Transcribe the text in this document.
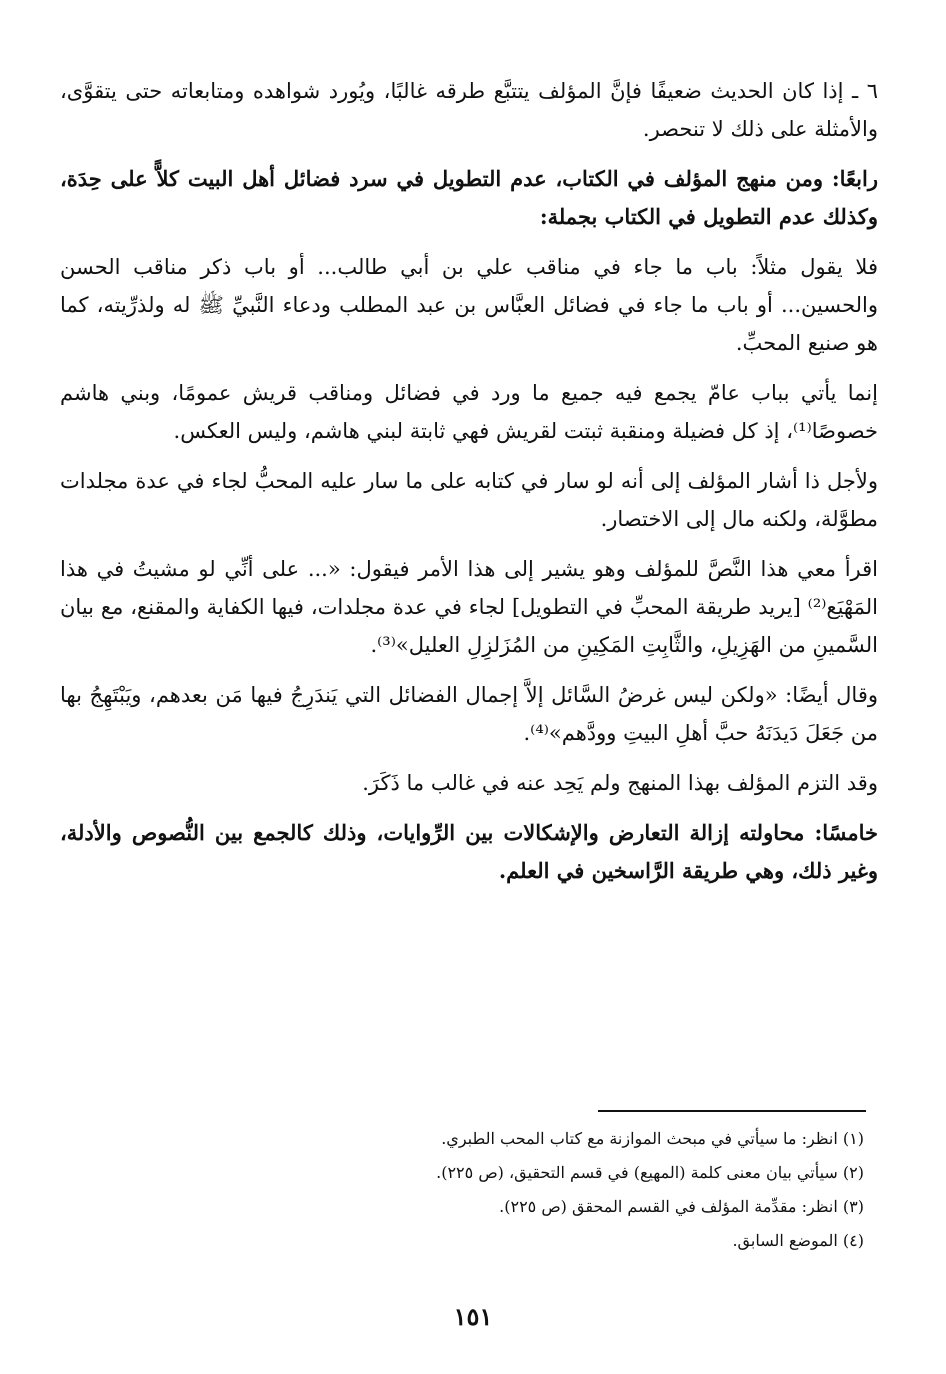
٦ ـ إذا كان الحديث ضعيفًا فإنَّ المؤلف يتتبَّع طرقه غالبًا، ويُورد شواهده ومتابعاته حتى يتقوَّى، والأمثلة على ذلك لا تنحصر.

رابعًا: ومن منهج المؤلف في الكتاب، عدم التطويل في سرد فضائل أهل البيت كلاًّ على حِدَة، وكذلك عدم التطويل في الكتاب بجملة:

فلا يقول مثلاً: باب ما جاء في مناقب علي بن أبي طالب... أو باب ذكر مناقب الحسن والحسين... أو باب ما جاء في فضائل العبَّاس بن عبد المطلب ودعاء النَّبيِّ ﷺ له ولذرِّيته، كما هو صنيع المحبِّ.

إنما يأتي بباب عامّ يجمع فيه جميع ما ورد في فضائل ومناقب قريش عمومًا، وبني هاشم خصوصًا⁽¹⁾، إذ كل فضيلة ومنقبة ثبتت لقريش فهي ثابتة لبني هاشم، وليس العكس.

ولأجل ذا أشار المؤلف إلى أنه لو سار في كتابه على ما سار عليه المحبُّ لجاء في عدة مجلدات مطوَّلة، ولكنه مال إلى الاختصار.

اقرأ معي هذا النَّصَّ للمؤلف وهو يشير إلى هذا الأمر فيقول: «... على أنِّي لو مشيتُ في هذا المَهْيَع⁽²⁾ [يريد طريقة المحبِّ في التطويل] لجاء في عدة مجلدات، فيها الكفاية والمقنع، مع بيان السَّمينِ من الهَزِيلِ، والثَّابِتِ المَكِينِ من المُزَلزِلِ العليل»⁽³⁾.

وقال أيضًا: «ولكن ليس غرضُ السَّائل إلاَّ إجمال الفضائل التي يَندَرِجُ فيها مَن بعدهم، ويَبْتَهِجُ بها من جَعَلَ دَيدَنَهُ حبَّ أهلِ البيتِ وودَّهم»⁽⁴⁾.

وقد التزم المؤلف بهذا المنهج ولم يَحِد عنه في غالب ما ذَكَرَ.

خامسًا: محاولته إزالة التعارض والإشكالات بين الرِّوايات، وذلك كالجمع بين النُّصوص والأدلة، وغير ذلك، وهي طريقة الرَّاسخين في العلم.

(١) انظر: ما سيأتي في مبحث الموازنة مع كتاب المحب الطبري.

(٢) سيأتي بيان معنى كلمة (المهيع) في قسم التحقيق، (ص ٢٢٥).

(٣) انظر: مقدِّمة المؤلف في القسم المحقق (ص ٢٢٥).

(٤) الموضع السابق.

١٥١
